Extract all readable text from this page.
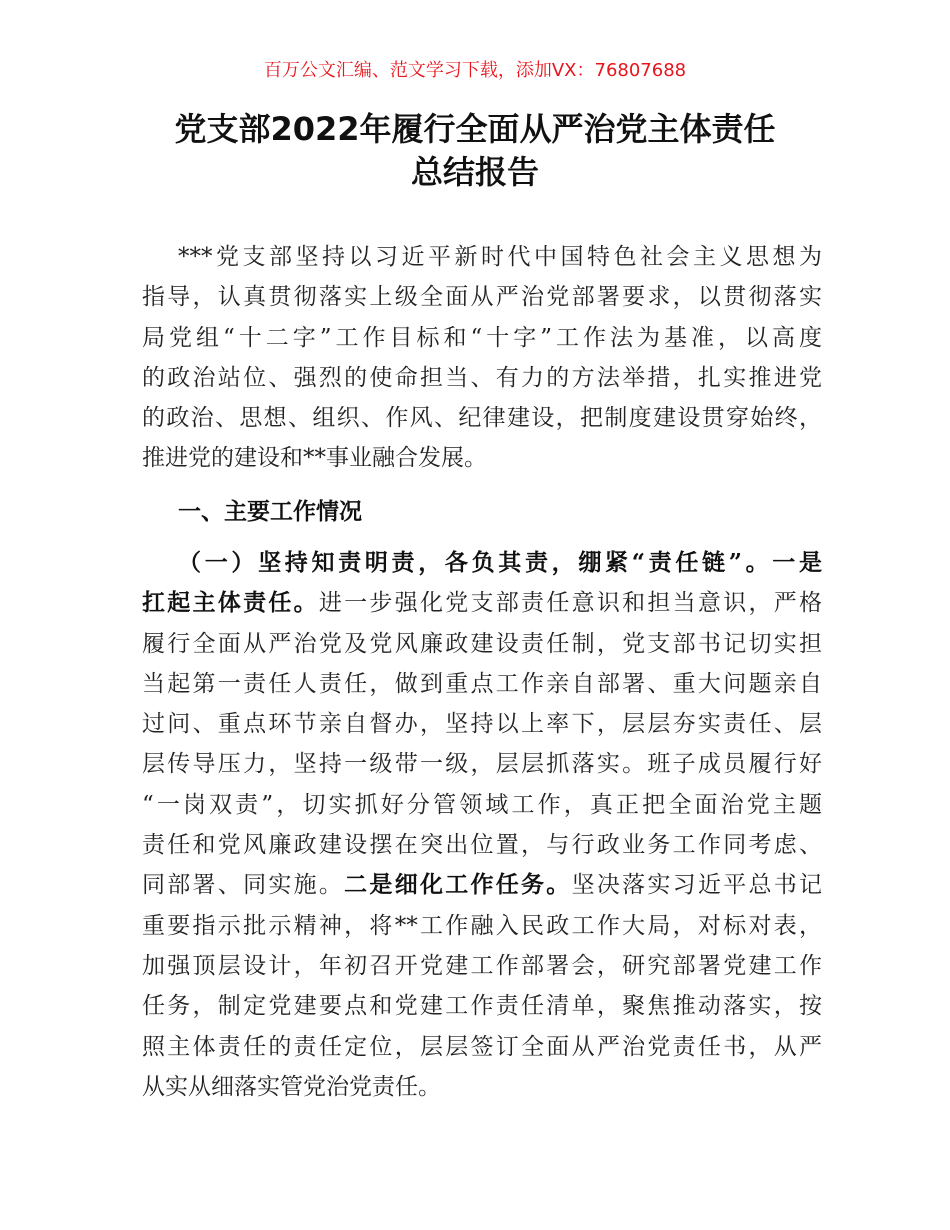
百万公文汇编、范文学习下载，添加VX：76807688
党支部2022年履行全面从严治党主体责任
总结报告
***党支部坚持以习近平新时代中国特色社会主义思想为
指导，认真贯彻落实上级全面从严治党部署要求，以贯彻落实
局党组“十二字”工作目标和“十字”工作法为基准，以高度
的政治站位、强烈的使命担当、有力的方法举措，扎实推进党
的政治、思想、组织、作风、纪律建设，把制度建设贯穿始终，
推进党的建设和**事业融合发展。
一、主要工作情况
（一）坚持知责明责，各负其责，绷紧“责任链”。一是
扛起主体责任。进一步强化党支部责任意识和担当意识，严格
履行全面从严治党及党风廉政建设责任制，党支部书记切实担
当起第一责任人责任，做到重点工作亲自部署、重大问题亲自
过问、重点环节亲自督办，坚持以上率下，层层夯实责任、层
层传导压力，坚持一级带一级，层层抓落实。班子成员履行好
“一岗双责”，切实抓好分管领域工作，真正把全面治党主题
责任和党风廉政建设摆在突出位置，与行政业务工作同考虑、
同部署、同实施。二是细化工作任务。坚决落实习近平总书记
重要指示批示精神，将**工作融入民政工作大局，对标对表，
加强顶层设计，年初召开党建工作部署会，研究部署党建工作
任务，制定党建要点和党建工作责任清单，聚焦推动落实，按
照主体责任的责任定位，层层签订全面从严治党责任书，从严
从实从细落实管党治党责任。
